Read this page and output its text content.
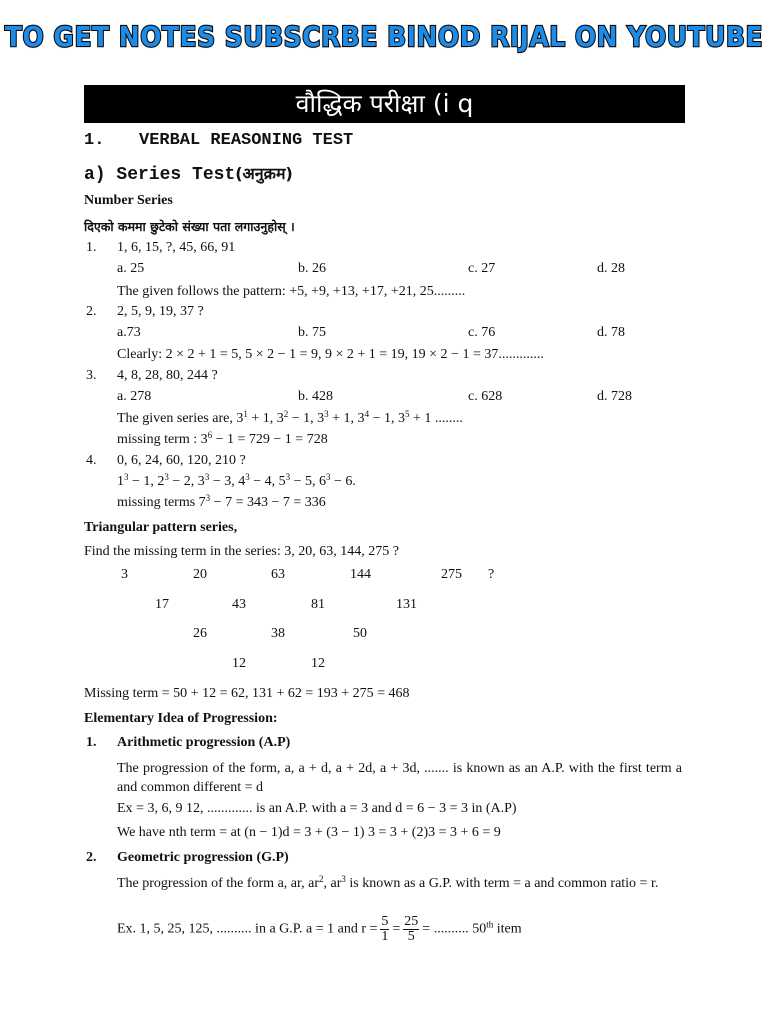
TO GET NOTES SUBSCRBE BINOD RIJAL ON YOUTUBE
वौद्धिक परीक्षा (i q
1. VERBAL REASONING TEST
a) Series Test(अनुक्रम)
Number Series
दिएको कममा छुटेको संख्या पता लगाउनुहोस् ।
1. 1, 6, 15, ?, 45, 66, 91
a. 25	b. 26	c. 27	d. 28
The given follows the pattern: +5, +9, +13, +17, +21, 25.........
2. 2, 5, 9, 19, 37 ?
a.73	b. 75	c. 76	d. 78
Clearly: 2 × 2 + 1 = 5, 5 × 2 − 1 = 9, 9 × 2 + 1 = 19, 19 × 2 − 1 = 37.............
3. 4, 8, 28, 80, 244 ?
a. 278	b. 428	c. 628	d. 728
The given series are, $3^1 + 1$, $3^2 - 1$, $3^3 + 1$, $3^4 - 1$, $3^5 + 1$ ........
missing term : $3^6 - 1 = 729 - 1 = 728$
4. 0, 6, 24, 60, 120, 210 ?
$1^3 - 1$, $2^3 - 2$, $3^3 - 3$, $4^3 - 4$, $5^3 - 5$, $6^3 - 6$.
missing terms $7^3 - 7 = 343 - 7 = 336$
Triangular pattern series,
Find the missing term in the series: 3, 20, 63, 144, 275 ?
3	20	63	144	275 ?
17	43	81	131
26	38	50
12	12
Missing term = 50 + 12 = 62, 131 + 62 = 193 + 275 = 468
Elementary Idea of Progression:
1. Arithmetic progression (A.P)
The progression of the form, a, a + d, a + 2d, a + 3d, ....... is known as an A.P. with the first term a and common different = d
Ex = 3, 6, 9 12, ............. is an A.P. with a = 3 and d = 6 − 3 = 3 in (A.P)
We have nth term = at (n − 1)d = 3 + (3 − 1) 3 = 3 + (2)3 = 3 + 6 = 9
2. Geometric progression (G.P)
The progression of the form a, ar, $ar^2$, $ar^3$ is known as a G.P. with term = a and common ratio = r.
Ex. 1, 5, 25, 125, .......... in a G.P. a = 1 and $r = \frac{5}{1} = \frac{25}{5}$ = .......... 50th item
